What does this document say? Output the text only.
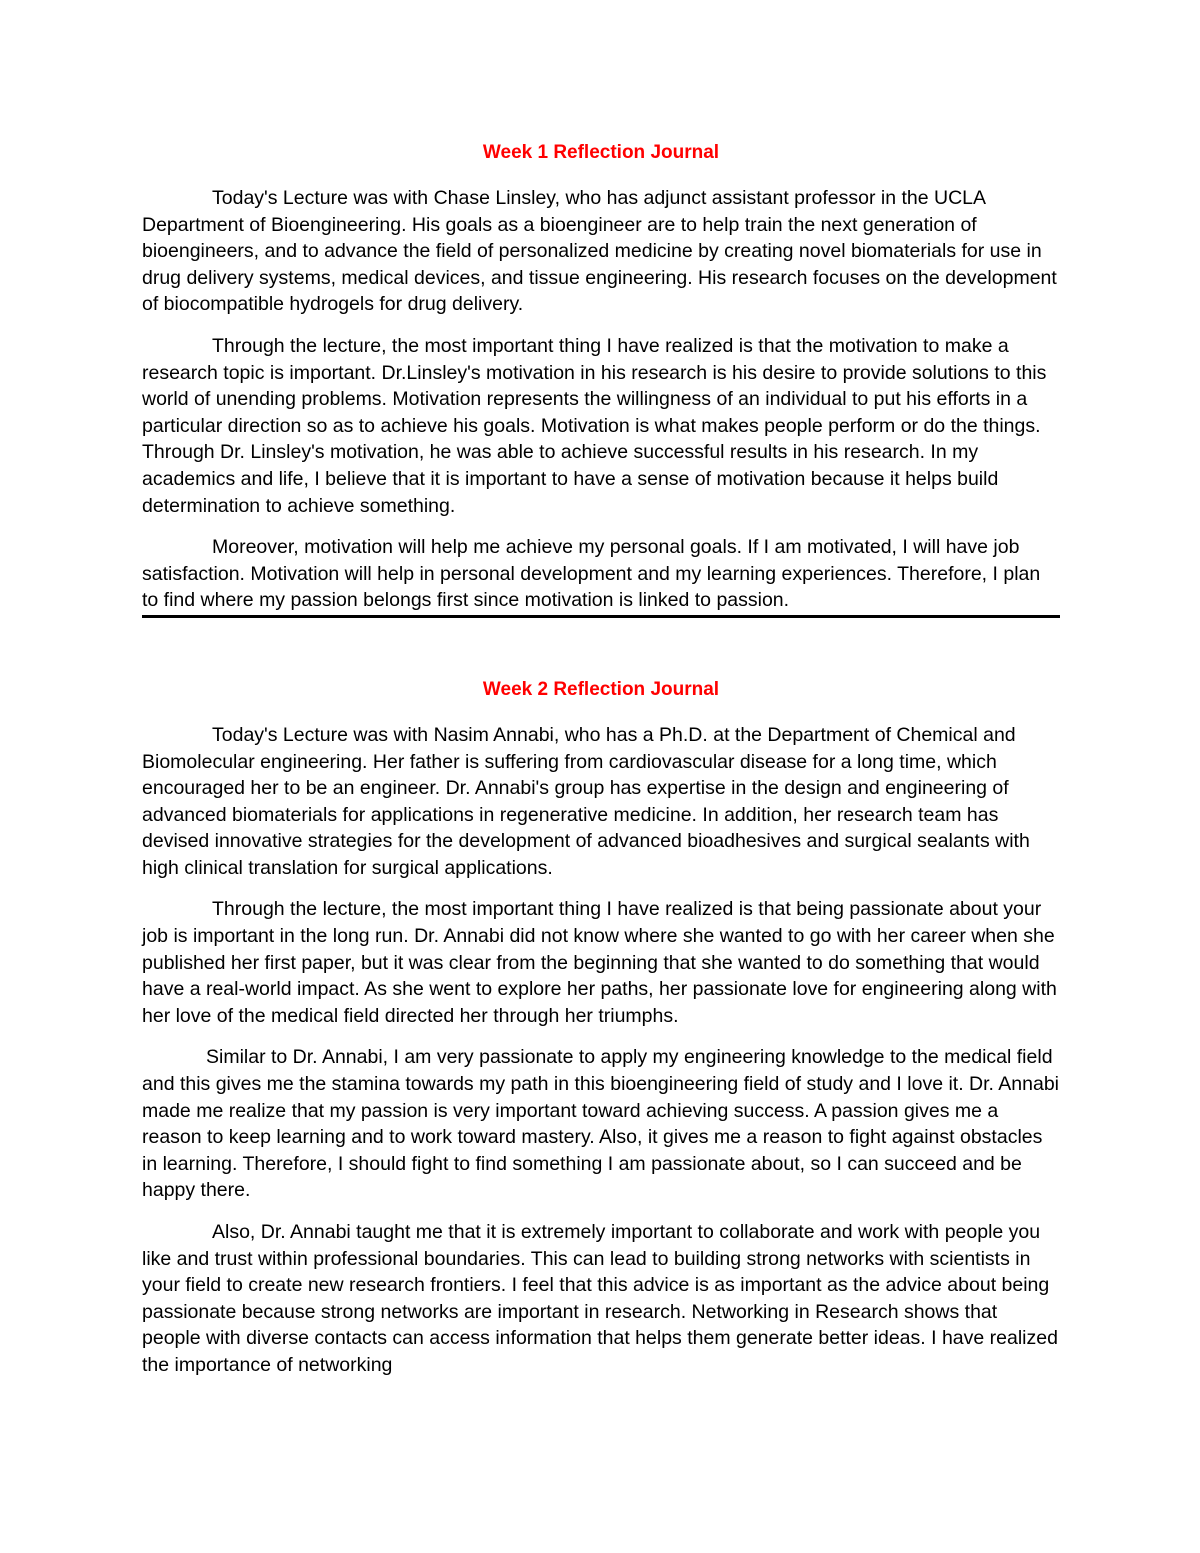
Week 1 Reflection Journal

Today's Lecture was with Chase Linsley, who has adjunct assistant professor in the UCLA Department of Bioengineering. His goals as a bioengineer are to help train the next generation of bioengineers, and to advance the field of personalized medicine by creating novel biomaterials for use in drug delivery systems, medical devices, and tissue engineering. His research focuses on the development of biocompatible hydrogels for drug delivery.

Through the lecture, the most important thing I have realized is that the motivation to make a research topic is important. Dr.Linsley's motivation in his research is his desire to provide solutions to this world of unending problems. Motivation represents the willingness of an individual to put his efforts in a particular direction so as to achieve his goals. Motivation is what makes people perform or do the things. Through Dr. Linsley's motivation, he was able to achieve successful results in his research. In my academics and life, I believe that it is important to have a sense of motivation because it helps build determination to achieve something.

Moreover, motivation will help me achieve my personal goals. If I am motivated, I will have job satisfaction. Motivation will help in personal development and my learning experiences. Therefore, I plan to find where my passion belongs first since motivation is linked to passion.

Week 2 Reflection Journal

Today's Lecture was with Nasim Annabi, who has a Ph.D. at the Department of Chemical and Biomolecular engineering. Her father is suffering from cardiovascular disease for a long time, which encouraged her to be an engineer. Dr. Annabi's group has expertise in the design and engineering of advanced biomaterials for applications in regenerative medicine. In addition, her research team has devised innovative strategies for the development of advanced bioadhesives and surgical sealants with high clinical translation for surgical applications.

Through the lecture, the most important thing I have realized is that being passionate about your job is important in the long run. Dr. Annabi did not know where she wanted to go with her career when she published her first paper, but it was clear from the beginning that she wanted to do something that would have a real-world impact. As she went to explore her paths, her passionate love for engineering along with her love of the medical field directed her through her triumphs.

Similar to Dr. Annabi, I am very passionate to apply my engineering knowledge to the medical field and this gives me the stamina towards my path in this bioengineering field of study and I love it. Dr. Annabi made me realize that my passion is very important toward achieving success. A passion gives me a reason to keep learning and to work toward mastery. Also, it gives me a reason to fight against obstacles in learning. Therefore, I should fight to find something I am passionate about, so I can succeed and be happy there.

Also, Dr. Annabi taught me that it is extremely important to collaborate and work with people you like and trust within professional boundaries. This can lead to building strong networks with scientists in your field to create new research frontiers. I feel that this advice is as important as the advice about being passionate because strong networks are important in research. Networking in Research shows that people with diverse contacts can access information that helps them generate better ideas. I have realized the importance of networking
